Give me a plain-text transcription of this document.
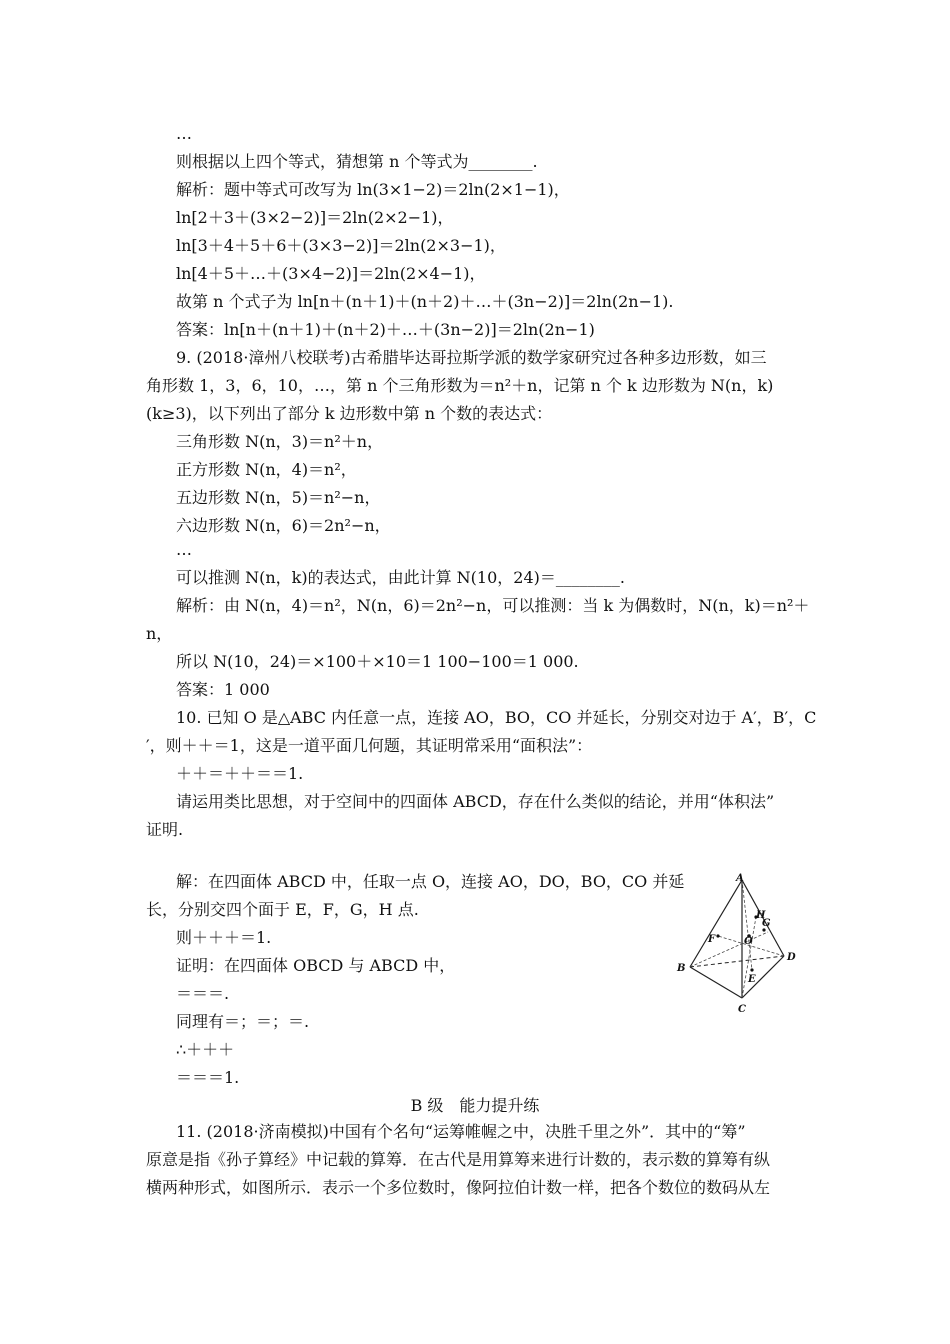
…
则根据以上四个等式，猜想第 n 个等式为________.
解析：题中等式可改写为 ln(3×1−2)＝2ln(2×1−1)，
ln[2＋3＋(3×2−2)]＝2ln(2×2−1)，
ln[3＋4＋5＋6＋(3×3−2)]＝2ln(2×3−1)，
ln[4＋5＋…＋(3×4−2)]＝2ln(2×4−1)，
故第 n 个式子为 ln[n＋(n＋1)＋(n＋2)＋…＋(3n−2)]＝2ln(2n−1).
答案：ln[n＋(n＋1)＋(n＋2)＋…＋(3n−2)]＝2ln(2n−1)
9. (2018·漳州八校联考)古希腊毕达哥拉斯学派的数学家研究过各种多边形数，如三
角形数 1，3，6，10，…，第 n 个三角形数为＝n²＋n，记第 n 个 k 边形数为 N(n，k)
(k≥3)，以下列出了部分 k 边形数中第 n 个数的表达式：
三角形数 N(n，3)＝n²＋n，
正方形数 N(n，4)＝n²，
五边形数 N(n，5)＝n²−n，
六边形数 N(n，6)＝2n²−n，
…
可以推测 N(n，k)的表达式，由此计算 N(10，24)＝________.
解析：由 N(n，4)＝n²，N(n，6)＝2n²−n，可以推测：当 k 为偶数时，N(n，k)＝n²＋
n，
所以 N(10，24)＝×100＋×10＝1 100−100＝1 000.
答案：1 000
10. 已知 O 是△ABC 内任意一点，连接 AO，BO，CO 并延长，分别交对边于 A′，B′，C
′，则＋＋＝1，这是一道平面几何题，其证明常采用“面积法”：
＋＋＝＋＋＝＝1.
请运用类比思想，对于空间中的四面体 ABCD，存在什么类似的结论，并用“体积法”
证明.
解：在四面体 ABCD 中，任取一点 O，连接 AO，DO，BO，CO 并延
长，分别交四个面于 E，F，G，H 点.
则＋＋＋＝1.
证明：在四面体 OBCD 与 ABCD 中，
＝＝＝.
同理有＝；＝；＝.
∴＋＋＋
＝＝＝1.
B 级　能力提升练
11. (2018·济南模拟)中国有个名句“运筹帷幄之中，决胜千里之外”．其中的“筹”
原意是指《孙子算经》中记载的算筹．在古代是用算筹来进行计数的，表示数的算筹有纵
横两种形式，如图所示．表示一个多位数时，像阿拉伯计数一样，把各个数位的数码从左
A
B
C
D
O
E
F
G
H
